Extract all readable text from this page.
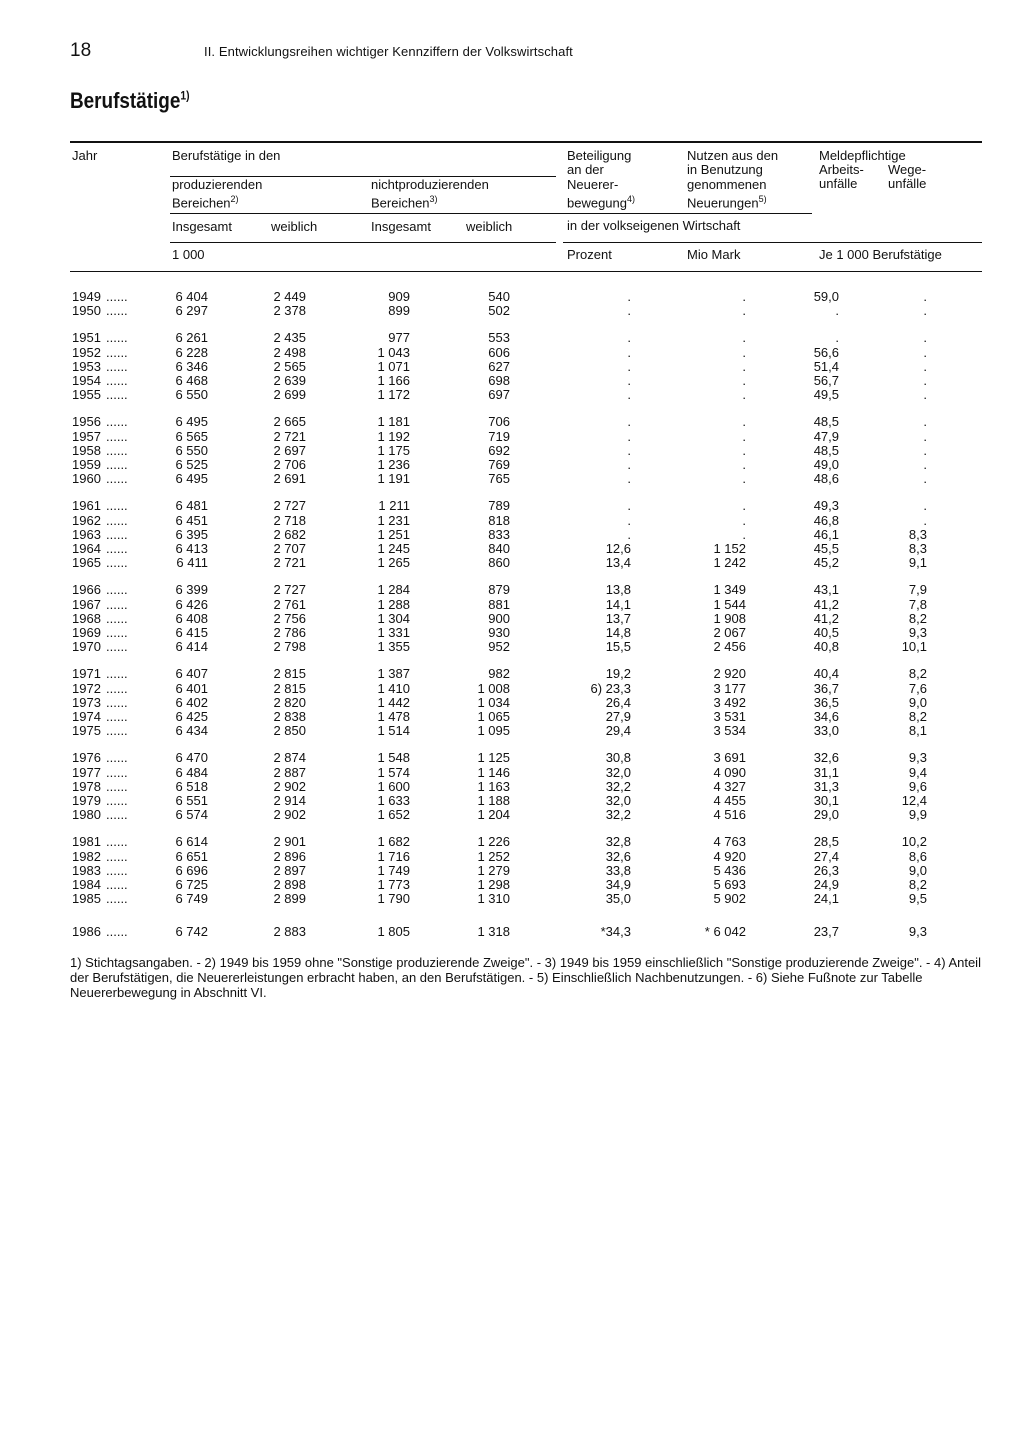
18	II. Entwicklungsreihen wichtiger Kennziffern der Volkswirtschaft
Berufstätige$^{1)}$
Jahr	Berufstätige in den
produzierenden
Bereichen$^{2)}$
nichtproduzierenden
Bereichen$^{3)}$
Insgesamt	weiblich	Insgesamt	weiblich
1 000
Beteiligung
an der
Neuerer-
bewegung$^{4)}$
Nutzen aus den
in Benutzung
genommenen
Neuerungen$^{5)}$
in der volkseigenen Wirtschaft
Prozent	Mio Mark
Meldepflichtige
Arbeits-
unfälle
Wege-
unfälle
Je 1 000 Berufstätige
1949 ......	6 404	2 449	909	540	.	.	59,0	.
1950 ......	6 297	2 378	899	502	.	.	.	.
1951 ......	6 261	2 435	977	553	.	.	.	.
1952 ......	6 228	2 498	1 043	606	.	.	56,6	.
1953 ......	6 346	2 565	1 071	627	.	.	51,4	.
1954 ......	6 468	2 639	1 166	698	.	.	56,7	.
1955 ......	6 550	2 699	1 172	697	.	.	49,5	.
1956 ......	6 495	2 665	1 181	706	.	.	48,5	.
1957 ......	6 565	2 721	1 192	719	.	.	47,9	.
1958 ......	6 550	2 697	1 175	692	.	.	48,5	.
1959 ......	6 525	2 706	1 236	769	.	.	49,0	.
1960 ......	6 495	2 691	1 191	765	.	.	48,6	.
1961 ......	6 481	2 727	1 211	789	.	.	49,3	.
1962 ......	6 451	2 718	1 231	818	.	.	46,8	.
1963 ......	6 395	2 682	1 251	833	.	.	46,1	8,3
1964 ......	6 413	2 707	1 245	840	12,6	1 152	45,5	8,3
1965 ......	6 411	2 721	1 265	860	13,4	1 242	45,2	9,1
1966 ......	6 399	2 727	1 284	879	13,8	1 349	43,1	7,9
1967 ......	6 426	2 761	1 288	881	14,1	1 544	41,2	7,8
1968 ......	6 408	2 756	1 304	900	13,7	1 908	41,2	8,2
1969 ......	6 415	2 786	1 331	930	14,8	2 067	40,5	9,3
1970 ......	6 414	2 798	1 355	952	15,5	2 456	40,8	10,1
1971 ......	6 407	2 815	1 387	982	19,2	2 920	40,4	8,2
1972 ......	6 401	2 815	1 410	1 008	6) 23,3	3 177	36,7	7,6
1973 ......	6 402	2 820	1 442	1 034	26,4	3 492	36,5	9,0
1974 ......	6 425	2 838	1 478	1 065	27,9	3 531	34,6	8,2
1975 ......	6 434	2 850	1 514	1 095	29,4	3 534	33,0	8,1
1976 ......	6 470	2 874	1 548	1 125	30,8	3 691	32,6	9,3
1977 ......	6 484	2 887	1 574	1 146	32,0	4 090	31,1	9,4
1978 ......	6 518	2 902	1 600	1 163	32,2	4 327	31,3	9,6
1979 ......	6 551	2 914	1 633	1 188	32,0	4 455	30,1	12,4
1980 ......	6 574	2 902	1 652	1 204	32,2	4 516	29,0	9,9
1981 ......	6 614	2 901	1 682	1 226	32,8	4 763	28,5	10,2
1982 ......	6 651	2 896	1 716	1 252	32,6	4 920	27,4	8,6
1983 ......	6 696	2 897	1 749	1 279	33,8	5 436	26,3	9,0
1984 ......	6 725	2 898	1 773	1 298	34,9	5 693	24,9	8,2
1985 ......	6 749	2 899	1 790	1 310	35,0	5 902	24,1	9,5
1986 ......	6 742	2 883	1 805	1 318	*34,3	* 6 042	23,7	9,3
1) Stichtagsangaben. - 2) 1949 bis 1959 ohne "Sonstige produzierende Zweige". - 3) 1949 bis 1959 einschließlich "Sonstige produzierende Zweige". - 4) Anteil der Berufstätigen, die Neuererleistungen erbracht haben, an den Berufstätigen. - 5) Einschließlich Nachbenutzungen. - 6) Siehe Fußnote zur Tabelle Neuererbewegung in Abschnitt VI.
